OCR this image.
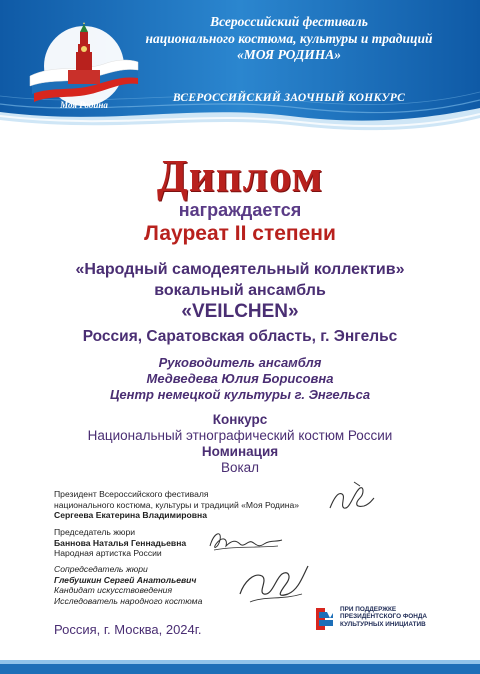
Моя Родина
Всероссийский фестиваль
национального костюма, культуры и традиций
«МОЯ РОДИНА»
ВСЕРОССИЙСКИЙ ЗАОЧНЫЙ КОНКУРС
Диплом
награждается
Лауреат II степени
«Народный самодеятельный коллектив»
вокальный ансамбль
«VEILCHEN»
Россия, Саратовская область, г. Энгельс
Руководитель ансамбля
Медведева Юлия Борисовна
Центр немецкой культуры г. Энгельса
Конкурс
Национальный этнографический костюм России
Номинация
Вокал
Президент Всероссийского фестиваля
национального костюма, культуры и традиций «Моя Родина»
Сергеева Екатерина Владимировна
Председатель жюри
Баннова Наталья Геннадьевна
Народная артистка России
Сопредседатель жюри
Глебушкин Сергей Анатольевич
Кандидат искусствоведения
Исследователь народного костюма
Россия, г. Москва, 2024г.
ПРИ ПОДДЕРЖКЕ
ПРЕЗИДЕНТСКОГО ФОНДА
КУЛЬТУРНЫХ ИНИЦИАТИВ
